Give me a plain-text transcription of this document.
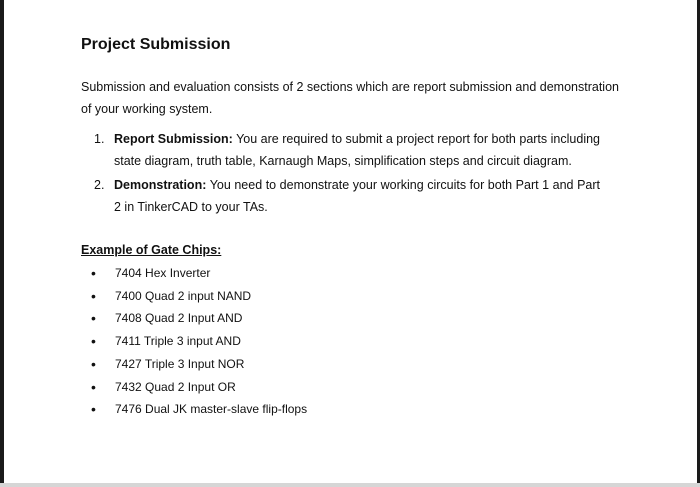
Project Submission
Submission and evaluation consists of 2 sections which are report submission and demonstration of your working system.
1. Report Submission: You are required to submit a project report for both parts including state diagram, truth table, Karnaugh Maps, simplification steps and circuit diagram.
2. Demonstration: You need to demonstrate your working circuits for both Part 1 and Part 2 in TinkerCAD to your TAs.
Example of Gate Chips:
•	7404 Hex Inverter
•	7400 Quad 2 input NAND
•	7408 Quad 2 Input AND
•	7411 Triple 3 input AND
•	7427 Triple 3 Input NOR
•	7432 Quad 2 Input OR
•	7476 Dual JK master-slave flip-flops
